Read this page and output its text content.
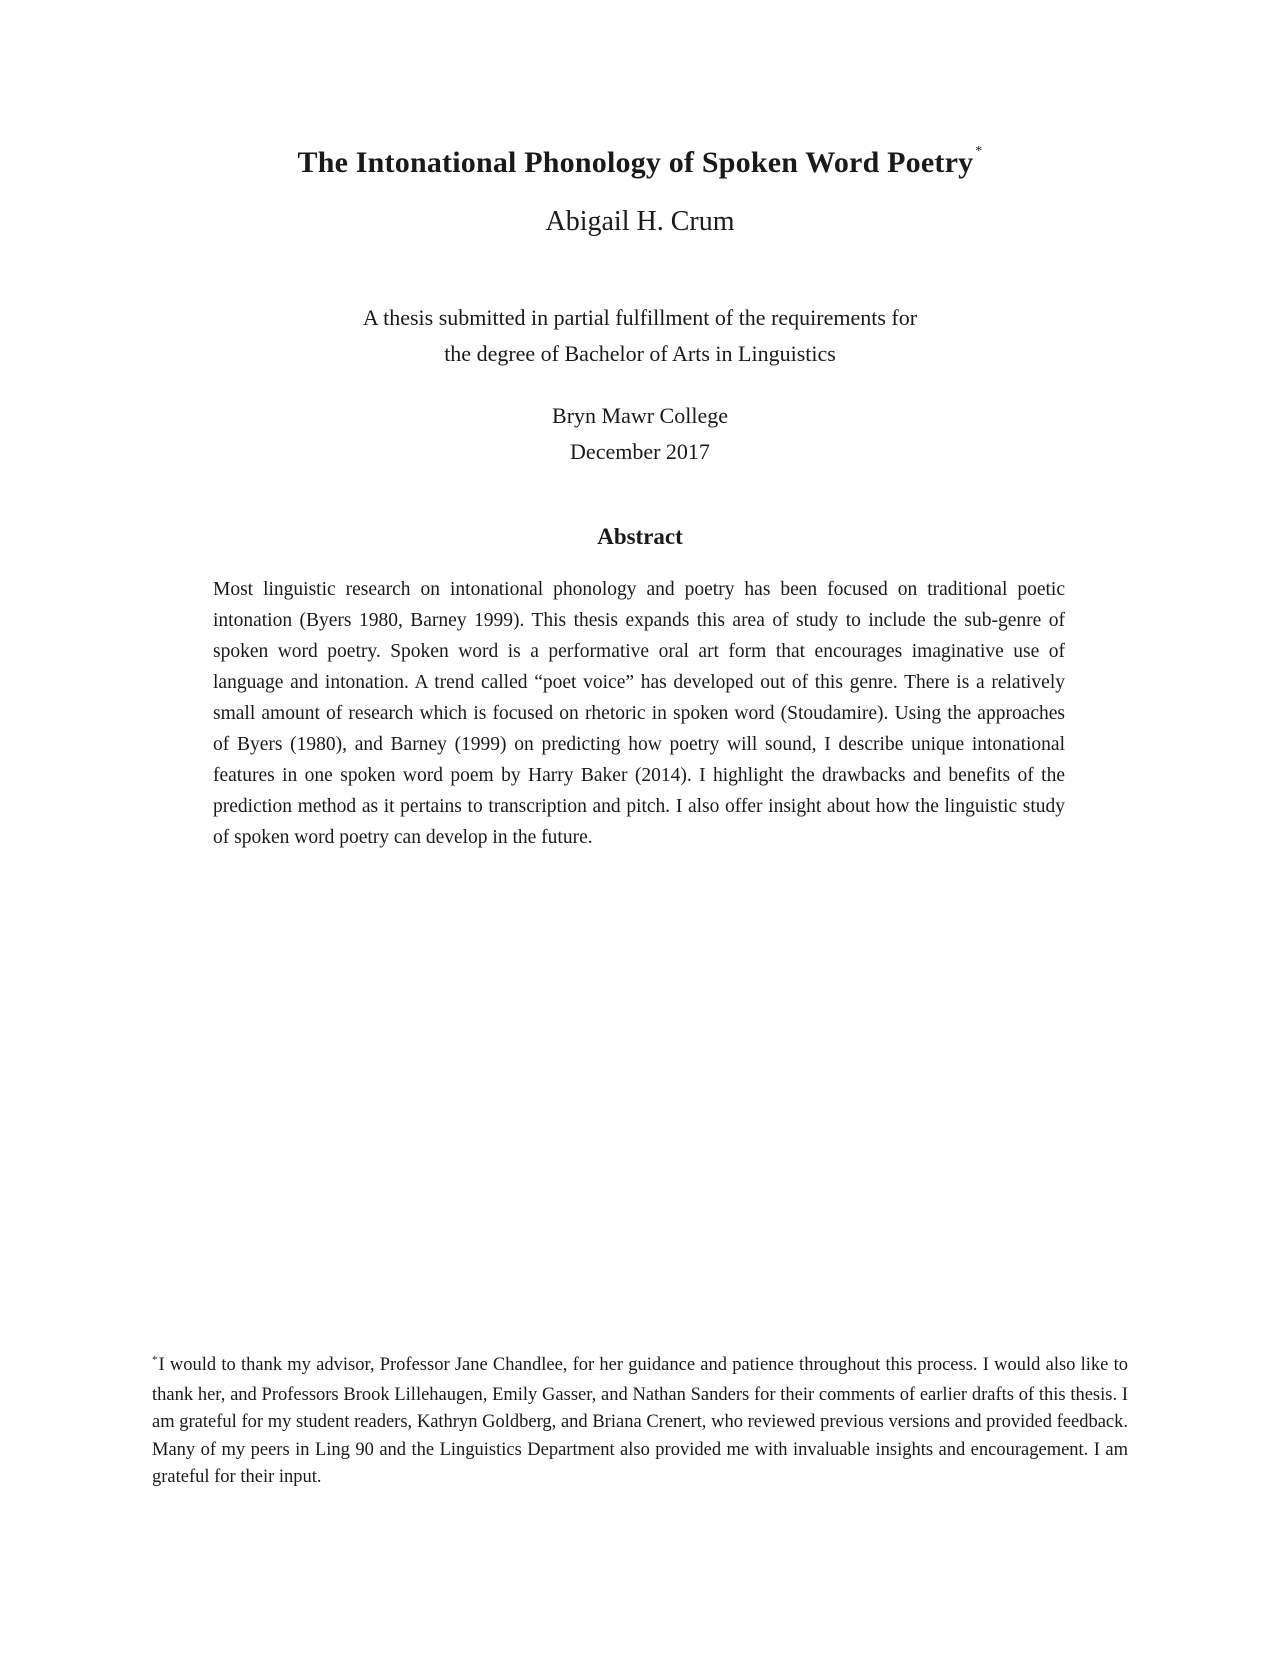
The Intonational Phonology of Spoken Word Poetry *
Abigail H. Crum
A thesis submitted in partial fulfillment of the requirements for
the degree of Bachelor of Arts in Linguistics
Bryn Mawr College
December 2017
Abstract
Most linguistic research on intonational phonology and poetry has been focused on traditional poetic intonation (Byers 1980, Barney 1999). This thesis expands this area of study to include the sub-genre of spoken word poetry. Spoken word is a performative oral art form that encourages imaginative use of language and intonation. A trend called “poet voice” has developed out of this genre. There is a relatively small amount of research which is focused on rhetoric in spoken word (Stoudamire). Using the approaches of Byers (1980), and Barney (1999) on predicting how poetry will sound, I describe unique intonational features in one spoken word poem by Harry Baker (2014). I highlight the drawbacks and benefits of the prediction method as it pertains to transcription and pitch. I also offer insight about how the linguistic study of spoken word poetry can develop in the future.
*I would to thank my advisor, Professor Jane Chandlee, for her guidance and patience throughout this process. I would also like to thank her, and Professors Brook Lillehaugen, Emily Gasser, and Nathan Sanders for their comments of earlier drafts of this thesis. I am grateful for my student readers, Kathryn Goldberg, and Briana Crenert, who reviewed previous versions and provided feedback. Many of my peers in Ling 90 and the Linguistics Department also provided me with invaluable insights and encouragement. I am grateful for their input.
